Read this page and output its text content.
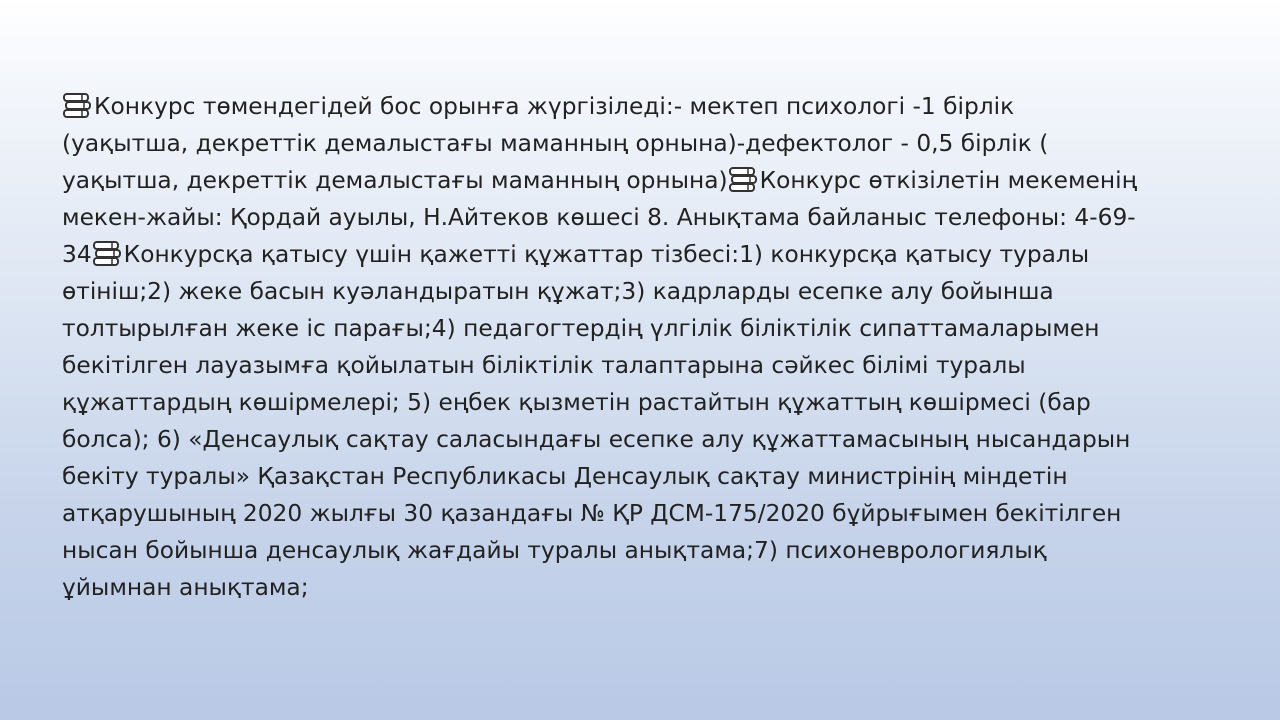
Конкурс төмендегідей бос орынға жүргізіледі:- мектеп психологі -1 бірлік

(уақытша, декреттік демалыстағы маманның орнына)-дефектолог - 0,5 бірлік (

уақытша, декреттік демалыстағы маманның орнына) Конкурс өткізілетін мекеменің

мекен-жайы: Қордай ауылы, Н.Айтеков көшесі 8. Анықтама байланыс телефоны: 4-69-

34 Конкурсқа қатысу үшін қажетті құжаттар тізбесі:1) конкурсқа қатысу туралы

өтініш;2) жеке басын куәландыратын құжат;3) кадрларды есепке алу бойынша

толтырылған жеке іс парағы;4) педагогтердің үлгілік біліктілік сипаттамаларымен

бекітілген лауазымға қойылатын біліктілік талаптарына сәйкес білімі туралы

құжаттардың көшірмелері; 5) еңбек қызметін растайтын құжаттың көшірмесі (бар

болса); 6) «Денсаулық сақтау саласындағы есепке алу құжаттамасының нысандарын

бекіту туралы» Қазақстан Республикасы Денсаулық сақтау министрінің міндетін

атқарушының 2020 жылғы 30 қазандағы № ҚР ДСМ-175/2020 бұйрығымен бекітілген

нысан бойынша денсаулық жағдайы туралы анықтама;7) психоневрологиялық

ұйымнан анықтама;
